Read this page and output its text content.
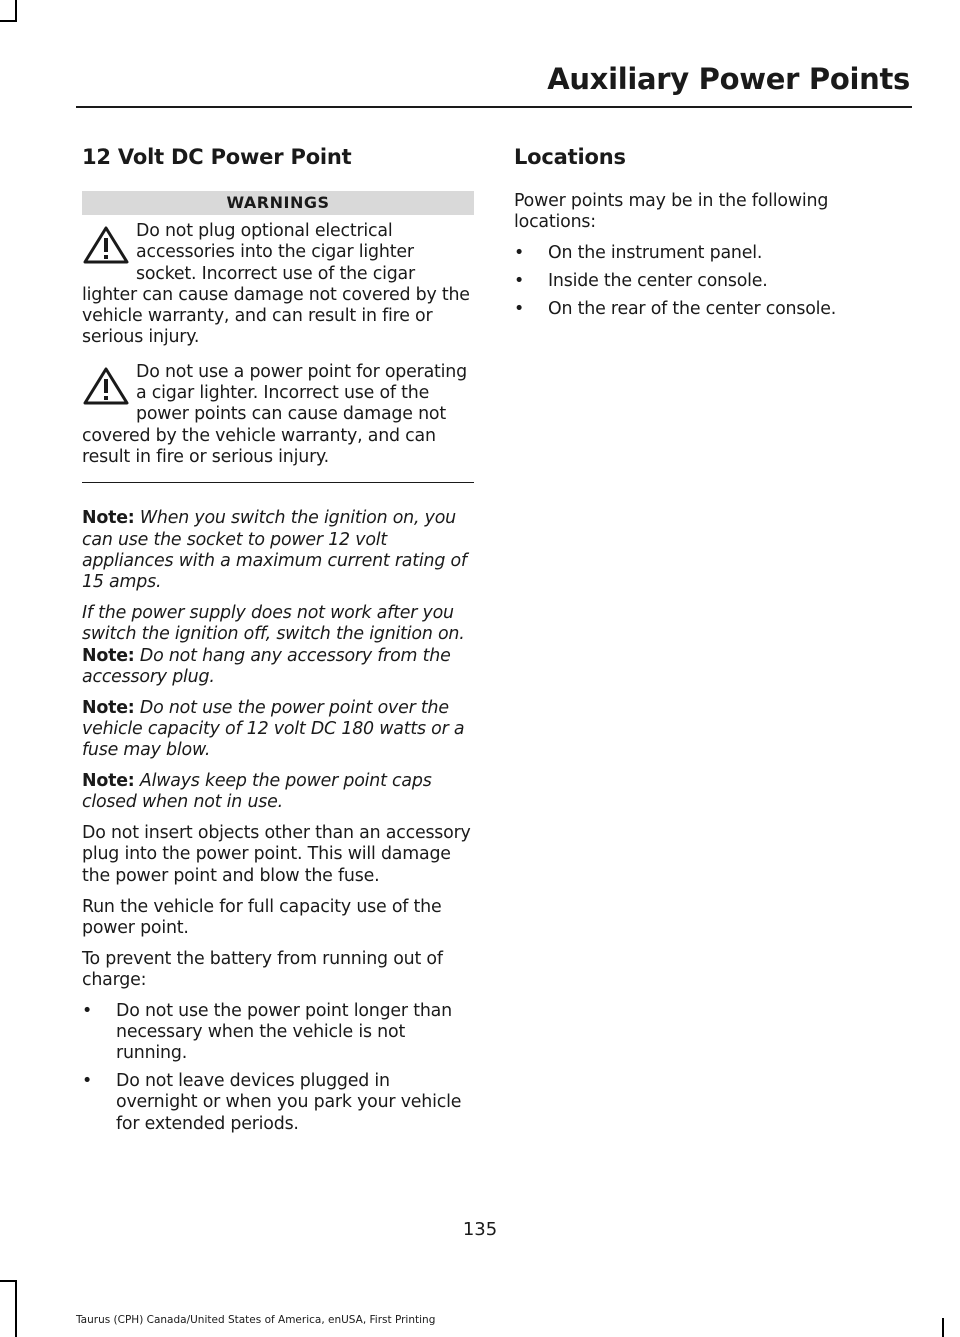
Auxiliary Power Points
12 Volt DC Power Point
WARNINGS
Do not plug optional electrical accessories into the cigar lighter socket. Incorrect use of the cigar lighter can cause damage not covered by the vehicle warranty, and can result in fire or serious injury.
Do not use a power point for operating a cigar lighter. Incorrect use of the power points can cause damage not covered by the vehicle warranty, and can result in fire or serious injury.

Note: When you switch the ignition on, you can use the socket to power 12 volt appliances with a maximum current rating of 15 amps.

If the power supply does not work after you switch the ignition off, switch the ignition on.

Note: Do not hang any accessory from the accessory plug.

Note: Do not use the power point over the vehicle capacity of 12 volt DC 180 watts or a fuse may blow.

Note: Always keep the power point caps closed when not in use.

Do not insert objects other than an accessory plug into the power point. This will damage the power point and blow the fuse.

Run the vehicle for full capacity use of the power point.

To prevent the battery from running out of charge:

• Do not use the power point longer than necessary when the vehicle is not running.
• Do not leave devices plugged in overnight or when you park your vehicle for extended periods.
Locations

Power points may be in the following locations:

• On the instrument panel.
• Inside the center console.
• On the rear of the center console.
135
Taurus (CPH) Canada/United States of America, enUSA, First Printing
